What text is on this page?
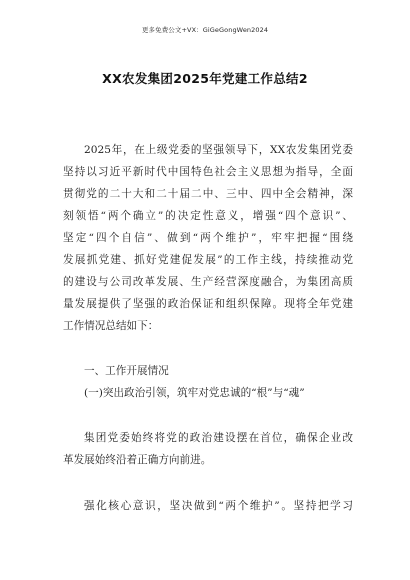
更多免费公文+VX：GiGeGongWen2024
XX农发集团2025年党建工作总结2
2025年，在上级党委的坚强领导下，XX农发集团党委
坚持以习近平新时代中国特色社会主义思想为指导，全面
贯彻党的二十大和二十届二中、三中、四中全会精神，深
刻领悟“两个确立”的决定性意义，增强“四个意识”、
坚定“四个自信”、做到“两个维护”，牢牢把握“围绕
发展抓党建、抓好党建促发展”的工作主线，持续推动党
的建设与公司改革发展、生产经营深度融合，为集团高质
量发展提供了坚强的政治保证和组织保障。现将全年党建
工作情况总结如下：
一、工作开展情况
(一)突出政治引领，筑牢对党忠诚的“根”与“魂”
集团党委始终将党的政治建设摆在首位，确保企业改
革发展始终沿着正确方向前进。
强化核心意识，坚决做到“两个维护”。坚持把学习
